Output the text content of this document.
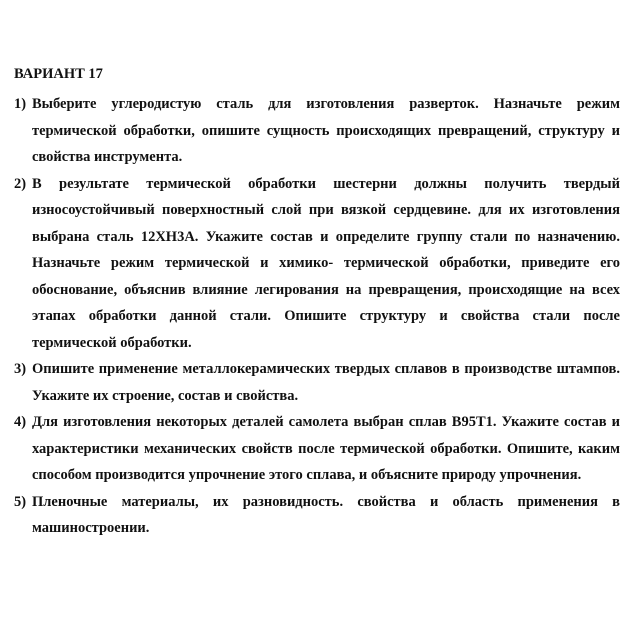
ВАРИАНТ 17
1) Выберите углеродистую сталь для изготовления разверток. Назначьте режим термической обработки, опишите сущность происходящих превращений, структуру и свойства инструмента.
2) В результате термической обработки шестерни должны получить твердый износоустойчивый поверхностный слой при вязкой сердцевине. для их изготовления выбрана сталь 12ХН3А. Укажите состав и определите группу стали по назначению. Назначьте режим термической и химико- термической обработки, приведите его обоснование, объяснив влияние легирования на превращения, происходящие на всех этапах обработки данной стали. Опишите структуру и свойства стали после термической обработки.
3) Опишите применение металлокерамических твердых сплавов в производстве штампов. Укажите их строение, состав и свойства.
4) Для изготовления некоторых деталей самолета выбран сплав В95Т1. Укажите состав и характеристики механических свойств после термической обработки. Опишите, каким способом производится упрочнение этого сплава, и объясните природу упрочнения.
5) Пленочные материалы, их разновидность. свойства и область применения в машиностроении.
